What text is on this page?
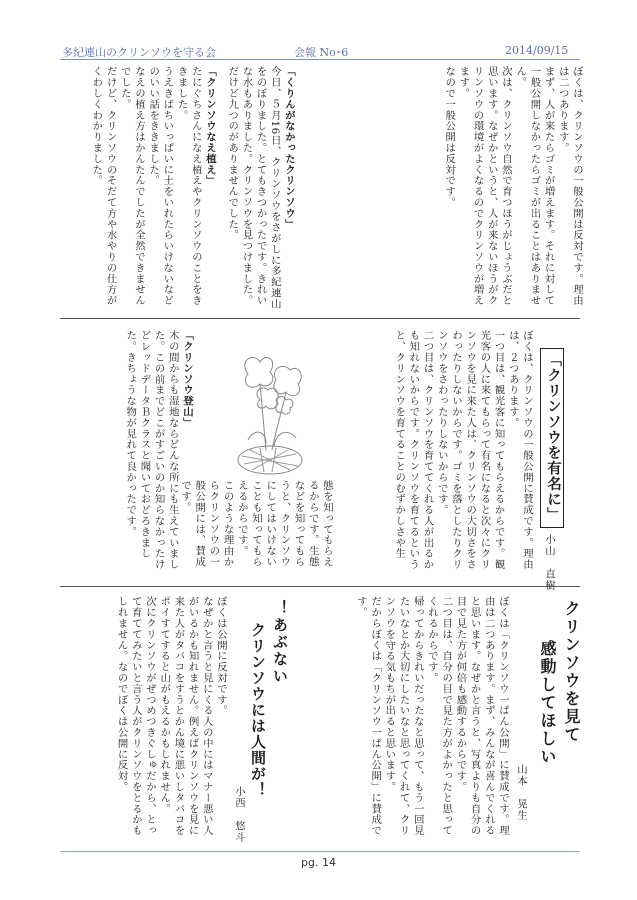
多紀連山のクリンソウを守る会	会報 No･6	2014/09/15

ぼくは、クリンソウの一般公開は反対です。理由は二つあります。
まず、人が来たらゴミが増えます。それに対して一般公開しなかったらゴミが出ることはありません。
次は、クリンソウ自然で育つほうがじょうぶだと思います。なぜかというと、人が来ないほうがクリンソウの環境がよくなるのでクリンソウが増えます。
なので一般公開は反対です。

「くりんがなかったクリンソウ」

今日、５月16日、クリンソウをさがしに多紀連山をのぼりました。とてもきつかったです。きれいな水もありました。クリンソウを見つけました。
だけど九つのがありませんでした。

「クリンソウなえ植え」

たにぐちさんになえ植えやクリンソウのことをききました。
うえきばちいっぱいに土をいれたらいけないなどのいい話をききました。
なえの植え方はかんたんでしたが全然できませんでした。
だけど、クリンソウのそだて方や水やりの仕方がくわしくわかりました。

「クリンソウを有名に」
小山　直樹

ぼくは、クリンソウの一般公開に賛成です。理由は、２つあります。
一つ目は、観光客に知ってもらえるからです。観光客の人に来てもらって有名になると次々にクリンソウを見に来た人は、クリンソウの大切さをさわったりしないからです。ゴミを落としたりクリンソウをさわったりしないからです。
二つ目は、クリンソウを育ててくれる人が出るかも知れないからです。クリンソウを育てるというと、クリンソウを育てることのむずかしさや生

態を知ってもらえるからです。生態などを知ってもらうと、クリンソウにしてはいけないことも知ってもらえるからです。
このような理由からクリンソウの一般公開には、賛成です。

「クリンソウ登山」

木の間からも湿地ならどんな所にも生えていました。この前までどこがすごいのか知らなかったけどレッドデータＢクラスと聞いておどろきました。きちょうな物が見れて良かったです。

クリンソウを見て
感動してほしい
山本　晃生

ぼくは「クリンソウ一ぱん公開」に賛成です。理由は二つあります。まず、みんなが喜んでくれると思います。なぜかと言うと、写真よりも自分の目で見た方が何倍も感動するからです。
二つ目は、自分の目で見た方がよかったと思ってくれるからです。
帰ってからきれいだったなと思って、もう一回見たいなとか大切にしたいなと思ってくれて、クリンソウを守る気もちが出ると思います。
だからぼくは「クリンソウ一ぱん公開」に賛成です。

！あぶない
クリンソウには人間が！
小西　悠斗

ぼくは公開に反対です。
なぜかと言うと見にくる人の中にはマナー悪い人がいるかも知れません。例えばクリンソウを見に来た人がタバコをすうとかん境に悪いしタバコをポイすてすると山がもえるかもしれません。
次にクリンソウがぜつめつきぐしゅだから、とって育ててみたいと言う人がクリンソウをとるかもしれません。なのでぼくは公開に反対。

pg. 14
